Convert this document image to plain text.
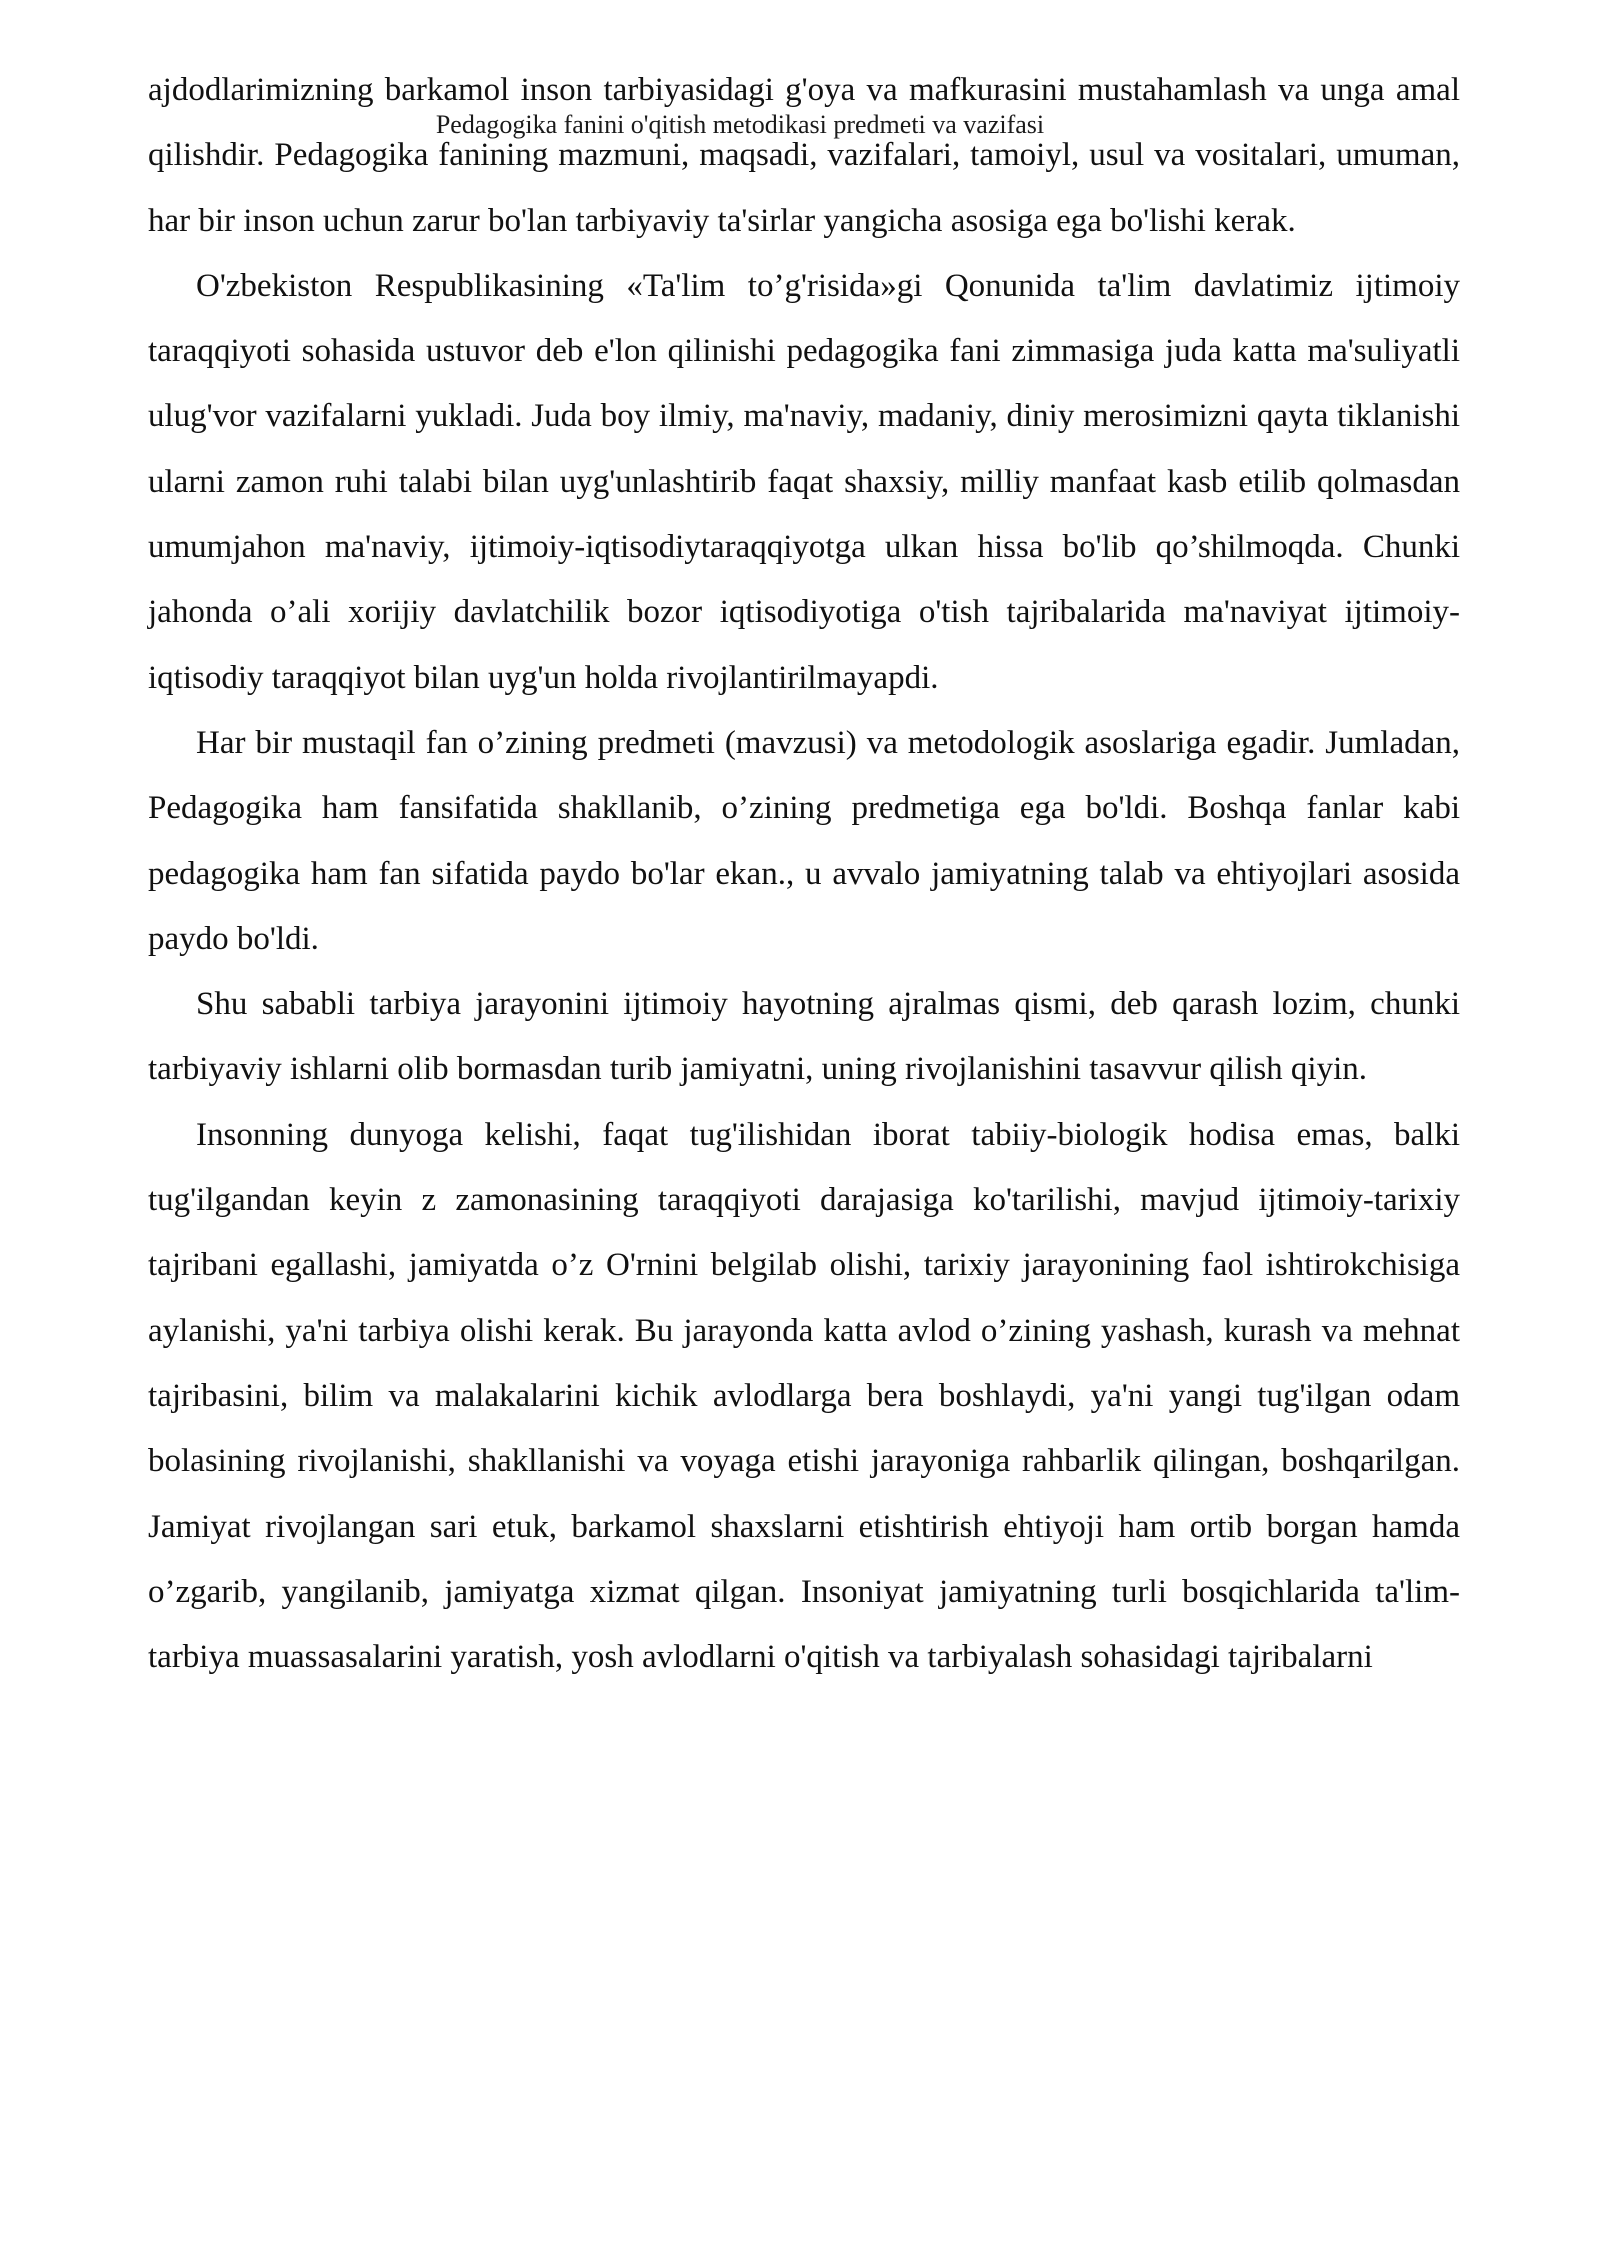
ajdodlarimizning barkamol inson tarbiyasidagi g'oya va mafkurasini mustahamlash va unga amal qilishdir. Pedagogika fanining mazmuni, maqsadi, vazifalari, tamoiyl, usul va vositalari, umuman, har bir inson uchun zarur bo'lan tarbiyaviy ta'sirlar yangicha asosiga ega bo'lishi kerak.

O'zbekiston Respublikasining «Ta'lim to’g'risida»gi Qonunida ta'lim davlatimiz ijtimoiy taraqqiyoti sohasida ustuvor deb e'lon qilinishi pedagogika fani zimmasiga juda katta ma'suliyatli ulug'vor vazifalarni yukladi. Juda boy ilmiy, ma'naviy, madaniy, diniy merosimizni qayta tiklanishi ularni zamon ruhi talabi bilan uyg'unlashtirib faqat shaxsiy, milliy manfaat kasb etilib qolmasdan umumjahon ma'naviy, ijtimoiy-iqtisodiytaraqqiyotga ulkan hissa bo'lib qo’shilmoqda. Chunki jahonda o’ali xorijiy davlatchilik bozor iqtisodiyotiga o'tish tajribalarida ma'naviyat ijtimoiy-iqtisodiy taraqqiyot bilan uyg'un holda rivojlantirilmayapdi.

Har bir mustaqil fan o’zining predmeti (mavzusi) va metodologik asoslariga egadir. Jumladan, Pedagogika ham fansifatida shakllanib, o’zining predmetiga ega bo'ldi. Boshqa fanlar kabi pedagogika ham fan sifatida paydo bo'lar ekan., u avvalo jamiyatning talab va ehtiyojlari asosida paydo bo'ldi.

Shu sababli tarbiya jarayonini ijtimoiy hayotning ajralmas qismi, deb qarash lozim, chunki tarbiyaviy ishlarni olib bormasdan turib jamiyatni, uning rivojlanishini tasavvur qilish qiyin.

Insonning dunyoga kelishi, faqat tug'ilishidan iborat tabiiy-biologik hodisa emas, balki tug'ilgandan keyin z zamonasining taraqqiyoti darajasiga ko'tarilishi, mavjud ijtimoiy-tarixiy tajribani egallashi, jamiyatda o’z O'rnini belgilab olishi, tarixiy jarayonining faol ishtirokchisiga aylanishi, ya'ni tarbiya olishi kerak. Bu jarayonda katta avlod o’zining yashash, kurash va mehnat tajribasini, bilim va malakalarini kichik avlodlarga bera boshlaydi, ya'ni yangi tug'ilgan odam bolasining rivojlanishi, shakllanishi va voyaga etishi jarayoniga rahbarlik qilingan, boshqarilgan. Jamiyat rivojlangan sari etuk, barkamol shaxslarni etishtirish ehtiyoji ham ortib borgan hamda o’zgarib, yangilanib, jamiyatga xizmat qilgan. Insoniyat jamiyatning turli bosqichlarida ta'lim- tarbiya muassasalarini yaratish, yosh avlodlarni o'qitish va tarbiyalash sohasidagi tajribalarni

Pedagogika fanini o'qitish metodikasi predmeti va vazifasi
